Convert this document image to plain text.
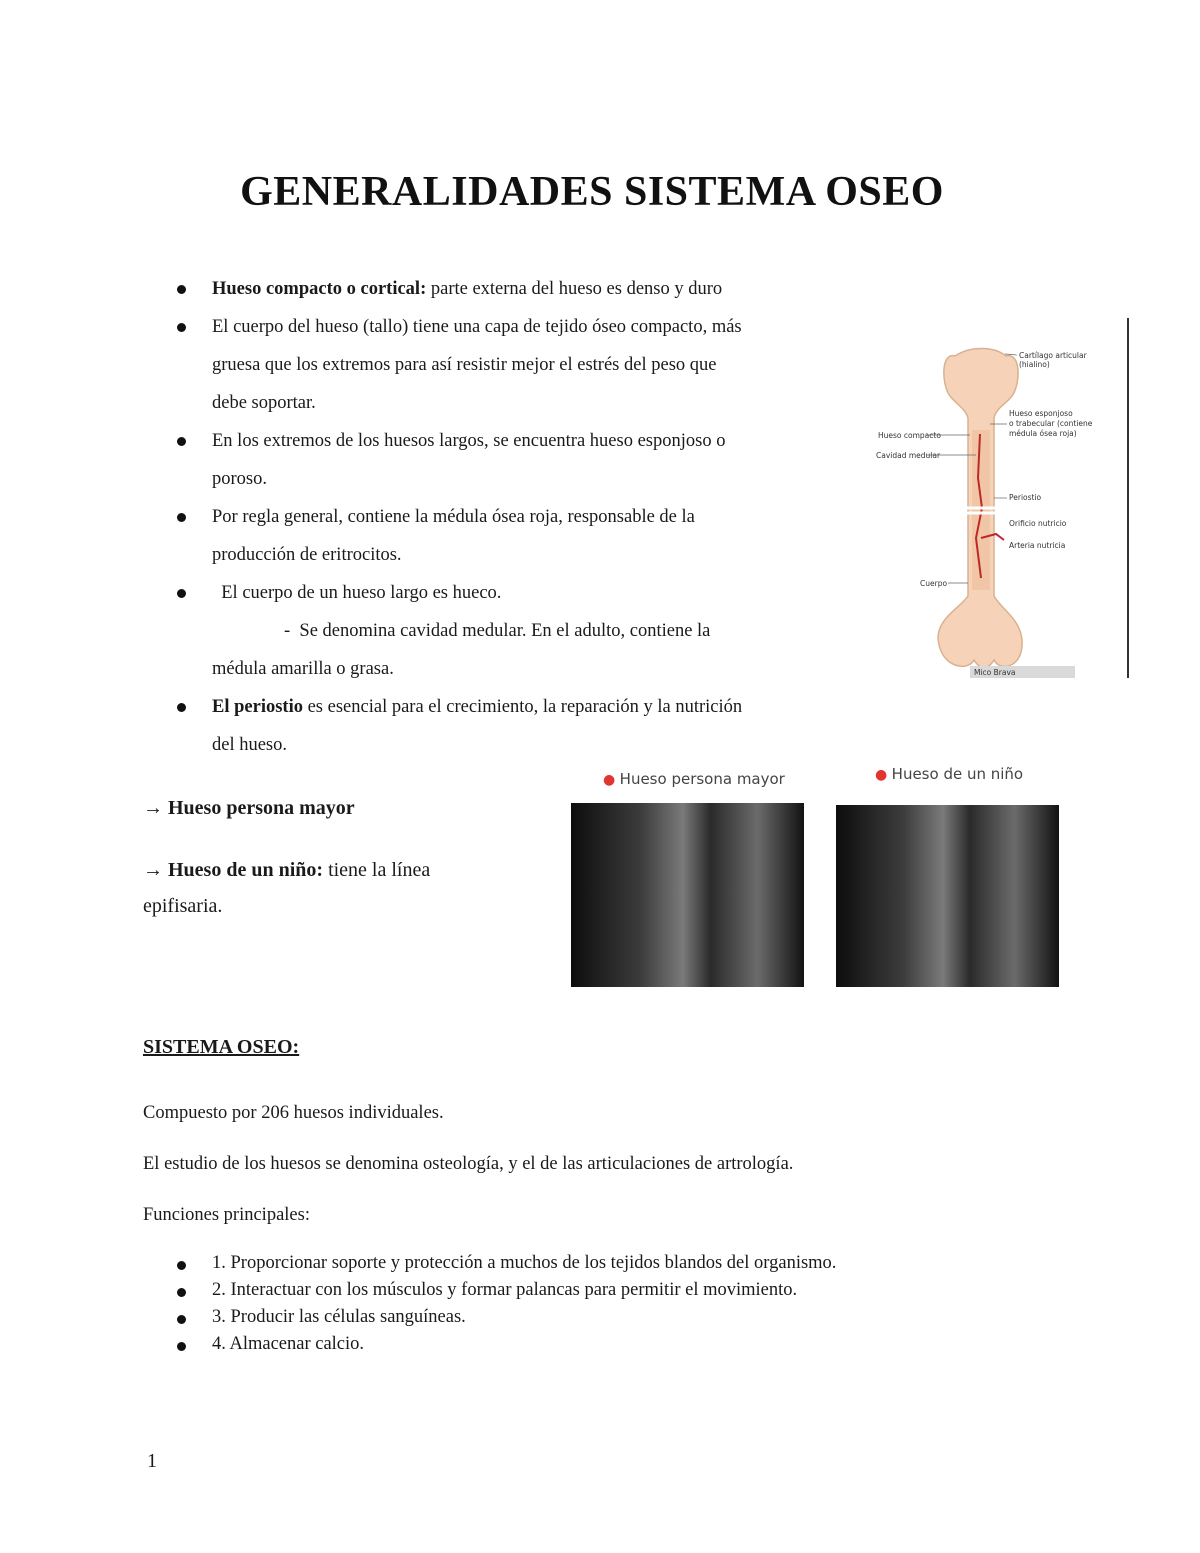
GENERALIDADES SISTEMA OSEO
Hueso compacto o cortical: parte externa del hueso es denso y duro
El cuerpo del hueso (tallo) tiene una capa de tejido óseo compacto, más
gruesa que los extremos para así resistir mejor el estrés del peso que
debe soportar.
En los extremos de los huesos largos, se encuentra hueso esponjoso o
poroso.
Por regla general, contiene la médula ósea roja, responsable de la
producción de eritrocitos.
El cuerpo de un hueso largo es hueco.
-  Se denomina cavidad medular. En el adulto, contiene la
médula amarilla o grasa.
El periostio es esencial para el crecimiento, la reparación y la nutrición
del hueso.
Cartílago articular
(hialino)
Hueso esponjoso
o trabecular (contiene
médula ósea roja)
Hueso compacto
Cavidad medular
Periostio
Orificio nutricio
Arteria nutricia
Cuerpo
Mico Brava

→ Hueso persona mayor

→ Hueso de un niño: tiene la línea

epifisaria.

● Hueso persona mayor	● Hueso de un niño
SISTEMA OSEO:
Compuesto por 206 huesos individuales.
El estudio de los huesos se denomina osteología, y el de las articulaciones de artrología.
Funciones principales:
1. Proporcionar soporte y protección a muchos de los tejidos blandos del organismo.
2. Interactuar con los músculos y formar palancas para permitir el movimiento.
3. Producir las células sanguíneas.
4. Almacenar calcio.
1
